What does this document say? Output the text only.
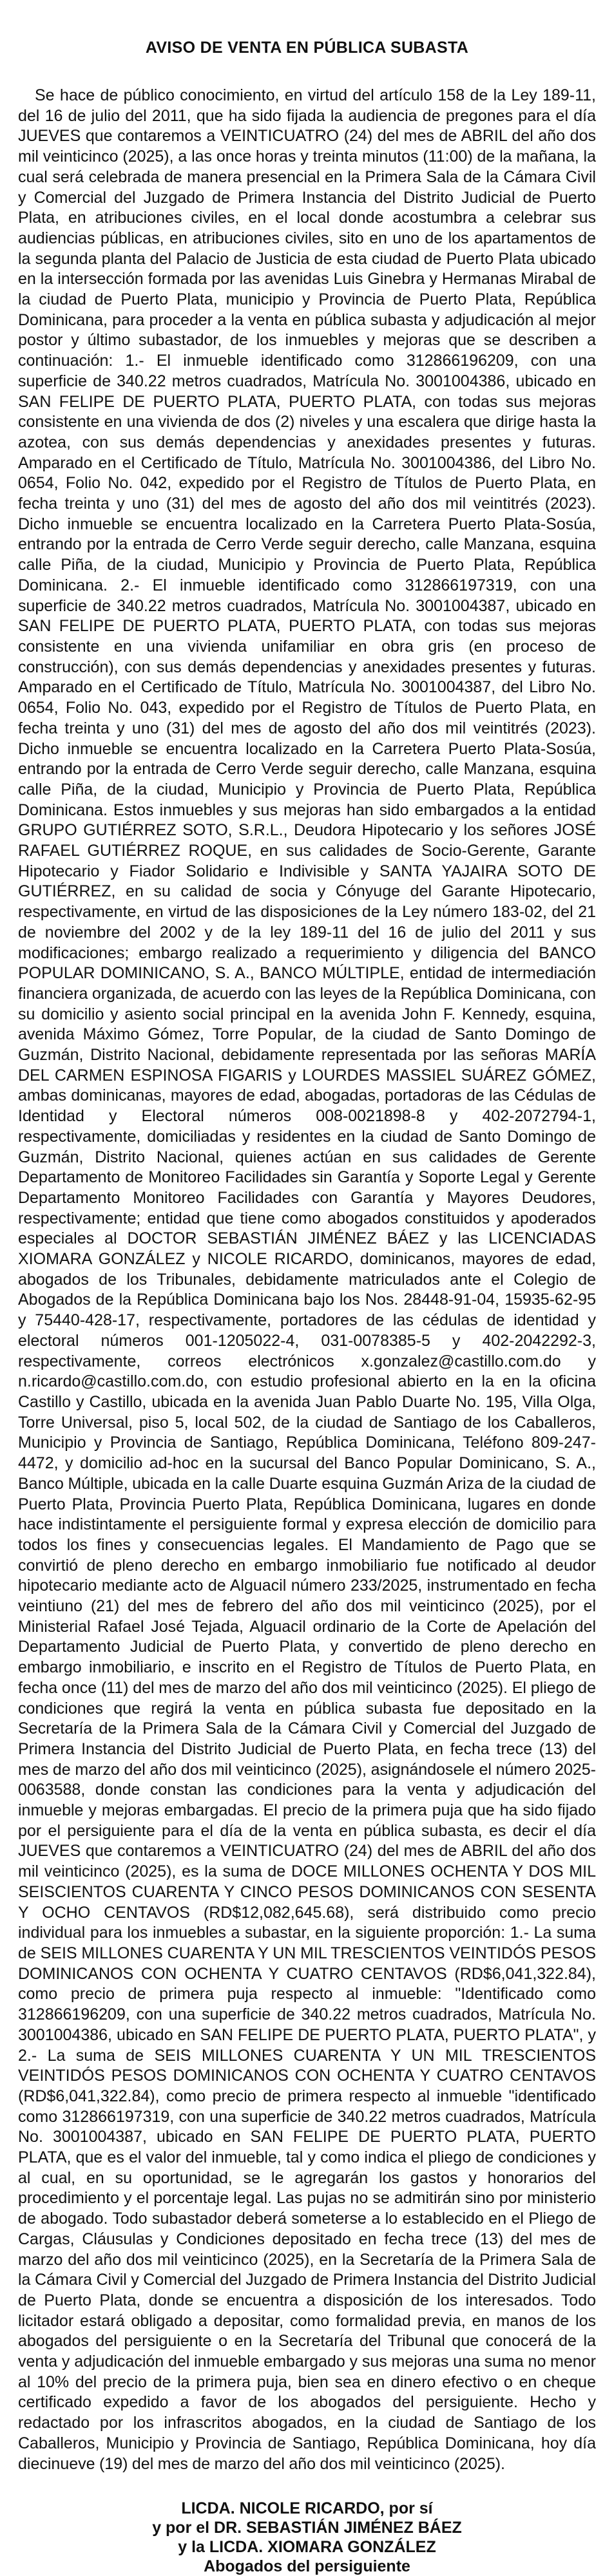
AVISO DE VENTA EN PÚBLICA SUBASTA

Se hace de público conocimiento, en virtud del artículo 158 de la Ley 189-11, del 16 de julio del 2011, que ha sido fijada la audiencia de pregones para el día JUEVES que contaremos a VEINTICUATRO (24) del mes de ABRIL del año dos mil veinticinco (2025), a las once horas y treinta minutos (11:00) de la mañana, la cual será celebrada de manera presencial en la Primera Sala de la Cámara Civil y Comercial del Juzgado de Primera Instancia del Distrito Judicial de Puerto Plata, en atribuciones civiles, en el local donde acostumbra a celebrar sus audiencias públicas, en atribuciones civiles, sito en uno de los apartamentos de la segunda planta del Palacio de Justicia de esta ciudad de Puerto Plata ubicado en la intersección formada por las avenidas Luis Ginebra y Hermanas Mirabal de la ciudad de Puerto Plata, municipio y Provincia de Puerto Plata, República Dominicana, para proceder a la venta en pública subasta y adjudicación al mejor postor y último subastador, de los inmuebles y mejoras que se describen a continuación: 1.- El inmueble identificado como 312866196209, con una superficie de 340.22 metros cuadrados, Matrícula No. 3001004386, ubicado en SAN FELIPE DE PUERTO PLATA, PUERTO PLATA, con todas sus mejoras consistente en una vivienda de dos (2) niveles y una escalera que dirige hasta la azotea, con sus demás dependencias y anexidades presentes y futuras. Amparado en el Certificado de Título, Matrícula No. 3001004386, del Libro No. 0654, Folio No. 042, expedido por el Registro de Títulos de Puerto Plata, en fecha treinta y uno (31) del mes de agosto del año dos mil veintitrés (2023). Dicho inmueble se encuentra localizado en la Carretera Puerto Plata-Sosúa, entrando por la entrada de Cerro Verde seguir derecho, calle Manzana, esquina calle Piña, de la ciudad, Municipio y Provincia de Puerto Plata, República Dominicana. 2.- El inmueble identificado como 312866197319, con una superficie de 340.22 metros cuadrados, Matrícula No. 3001004387, ubicado en SAN FELIPE DE PUERTO PLATA, PUERTO PLATA, con todas sus mejoras consistente en una vivienda unifamiliar en obra gris (en proceso de construcción), con sus demás dependencias y anexidades presentes y futuras. Amparado en el Certificado de Título, Matrícula No. 3001004387, del Libro No. 0654, Folio No. 043, expedido por el Registro de Títulos de Puerto Plata, en fecha treinta y uno (31) del mes de agosto del año dos mil veintitrés (2023). Dicho inmueble se encuentra localizado en la Carretera Puerto Plata-Sosúa, entrando por la entrada de Cerro Verde seguir derecho, calle Manzana, esquina calle Piña, de la ciudad, Municipio y Provincia de Puerto Plata, República Dominicana. Estos inmuebles y sus mejoras han sido embargados a la entidad GRUPO GUTIÉRREZ SOTO, S.R.L., Deudora Hipotecario y los señores JOSÉ RAFAEL GUTIÉRREZ ROQUE, en sus calidades de Socio-Gerente, Garante Hipotecario y Fiador Solidario e Indivisible y SANTA YAJAIRA SOTO DE GUTIÉRREZ, en su calidad de socia y Cónyuge del Garante Hipotecario, respectivamente, en virtud de las disposiciones de la Ley número 183-02, del 21 de noviembre del 2002 y de la ley 189-11 del 16 de julio del 2011 y sus modificaciones; embargo realizado a requerimiento y diligencia del BANCO POPULAR DOMINICANO, S. A., BANCO MÚLTIPLE, entidad de intermediación financiera organizada, de acuerdo con las leyes de la República Dominicana, con su domicilio y asiento social principal en la avenida John F. Kennedy, esquina, avenida Máximo Gómez, Torre Popular, de la ciudad de Santo Domingo de Guzmán, Distrito Nacional, debidamente representada por las señoras MARÍA DEL CARMEN ESPINOSA FIGARIS y LOURDES MASSIEL SUÁREZ GÓMEZ, ambas dominicanas, mayores de edad, abogadas, portadoras de las Cédulas de Identidad y Electoral números 008-0021898-8 y 402-2072794-1, respectivamente, domiciliadas y residentes en la ciudad de Santo Domingo de Guzmán, Distrito Nacional, quienes actúan en sus calidades de Gerente Departamento de Monitoreo Facilidades sin Garantía y Soporte Legal y Gerente Departamento Monitoreo Facilidades con Garantía y Mayores Deudores, respectivamente; entidad que tiene como abogados constituidos y apoderados especiales al DOCTOR SEBASTIÁN JIMÉNEZ BÁEZ y las LICENCIADAS XIOMARA GONZÁLEZ y NICOLE RICARDO, dominicanos, mayores de edad, abogados de los Tribunales, debidamente matriculados ante el Colegio de Abogados de la República Dominicana bajo los Nos. 28448-91-04, 15935-62-95 y 75440-428-17, respectivamente, portadores de las cédulas de identidad y electoral números 001-1205022-4, 031-0078385-5 y 402-2042292-3, respectivamente, correos electrónicos x.gonzalez@castillo.com.do y n.ricardo@castillo.com.do, con estudio profesional abierto en la en la oficina Castillo y Castillo, ubicada en la avenida Juan Pablo Duarte No. 195, Villa Olga, Torre Universal, piso 5, local 502, de la ciudad de Santiago de los Caballeros, Municipio y Provincia de Santiago, República Dominicana, Teléfono 809-247-4472, y domicilio ad-hoc en la sucursal del Banco Popular Dominicano, S. A., Banco Múltiple, ubicada en la calle Duarte esquina Guzmán Ariza de la ciudad de Puerto Plata, Provincia Puerto Plata, República Dominicana, lugares en donde hace indistintamente el persiguiente formal y expresa elección de domicilio para todos los fines y consecuencias legales. El Mandamiento de Pago que se convirtió de pleno derecho en embargo inmobiliario fue notificado al deudor hipotecario mediante acto de Alguacil número 233/2025, instrumentado en fecha veintiuno (21) del mes de febrero del año dos mil veinticinco (2025), por el Ministerial Rafael José Tejada, Alguacil ordinario de la Corte de Apelación del Departamento Judicial de Puerto Plata, y convertido de pleno derecho en embargo inmobiliario, e inscrito en el Registro de Títulos de Puerto Plata, en fecha once (11) del mes de marzo del año dos mil veinticinco (2025). El pliego de condiciones que regirá la venta en pública subasta fue depositado en la Secretaría de la Primera Sala de la Cámara Civil y Comercial del Juzgado de Primera Instancia del Distrito Judicial de Puerto Plata, en fecha trece (13) del mes de marzo del año dos mil veinticinco (2025), asignándosele el número 2025-0063588, donde constan las condiciones para la venta y adjudicación del inmueble y mejoras embargadas. El precio de la primera puja que ha sido fijado por el persiguiente para el día de la venta en pública subasta, es decir el día JUEVES que contaremos a VEINTICUATRO (24) del mes de ABRIL del año dos mil veinticinco (2025), es la suma de DOCE MILLONES OCHENTA Y DOS MIL SEISCIENTOS CUARENTA Y CINCO PESOS DOMINICANOS CON SESENTA Y OCHO CENTAVOS (RD$12,082,645.68), será distribuido como precio individual para los inmuebles a subastar, en la siguiente proporción: 1.- La suma de SEIS MILLONES CUARENTA Y UN MIL TRESCIENTOS VEINTIDÓS PESOS DOMINICANOS CON OCHENTA Y CUATRO CENTAVOS (RD$6,041,322.84), como precio de primera puja respecto al inmueble: "Identificado como 312866196209, con una superficie de 340.22 metros cuadrados, Matrícula No. 3001004386, ubicado en SAN FELIPE DE PUERTO PLATA, PUERTO PLATA", y 2.- La suma de SEIS MILLONES CUARENTA Y UN MIL TRESCIENTOS VEINTIDÓS PESOS DOMINICANOS CON OCHENTA Y CUATRO CENTAVOS (RD$6,041,322.84), como precio de primera respecto al inmueble "identificado como 312866197319, con una superficie de 340.22 metros cuadrados, Matrícula No. 3001004387, ubicado en SAN FELIPE DE PUERTO PLATA, PUERTO PLATA, que es el valor del inmueble, tal y como indica el pliego de condiciones y al cual, en su oportunidad, se le agregarán los gastos y honorarios del procedimiento y el porcentaje legal. Las pujas no se admitirán sino por ministerio de abogado. Todo subastador deberá someterse a lo establecido en el Pliego de Cargas, Cláusulas y Condiciones depositado en fecha trece (13) del mes de marzo del año dos mil veinticinco (2025), en la Secretaría de la Primera Sala de la Cámara Civil y Comercial del Juzgado de Primera Instancia del Distrito Judicial de Puerto Plata, donde se encuentra a disposición de los interesados. Todo licitador estará obligado a depositar, como formalidad previa, en manos de los abogados del persiguiente o en la Secretaría del Tribunal que conocerá de la venta y adjudicación del inmueble embargado y sus mejoras una suma no menor al 10% del precio de la primera puja, bien sea en dinero efectivo o en cheque certificado expedido a favor de los abogados del persiguiente. Hecho y redactado por los infrascritos abogados, en la ciudad de Santiago de los Caballeros, Municipio y Provincia de Santiago, República Dominicana, hoy día diecinueve (19) del mes de marzo del año dos mil veinticinco (2025).

LICDA. NICOLE RICARDO, por sí
y por el DR. SEBASTIÁN JIMÉNEZ BÁEZ
y la LICDA. XIOMARA GONZÁLEZ
Abogados del persiguiente
